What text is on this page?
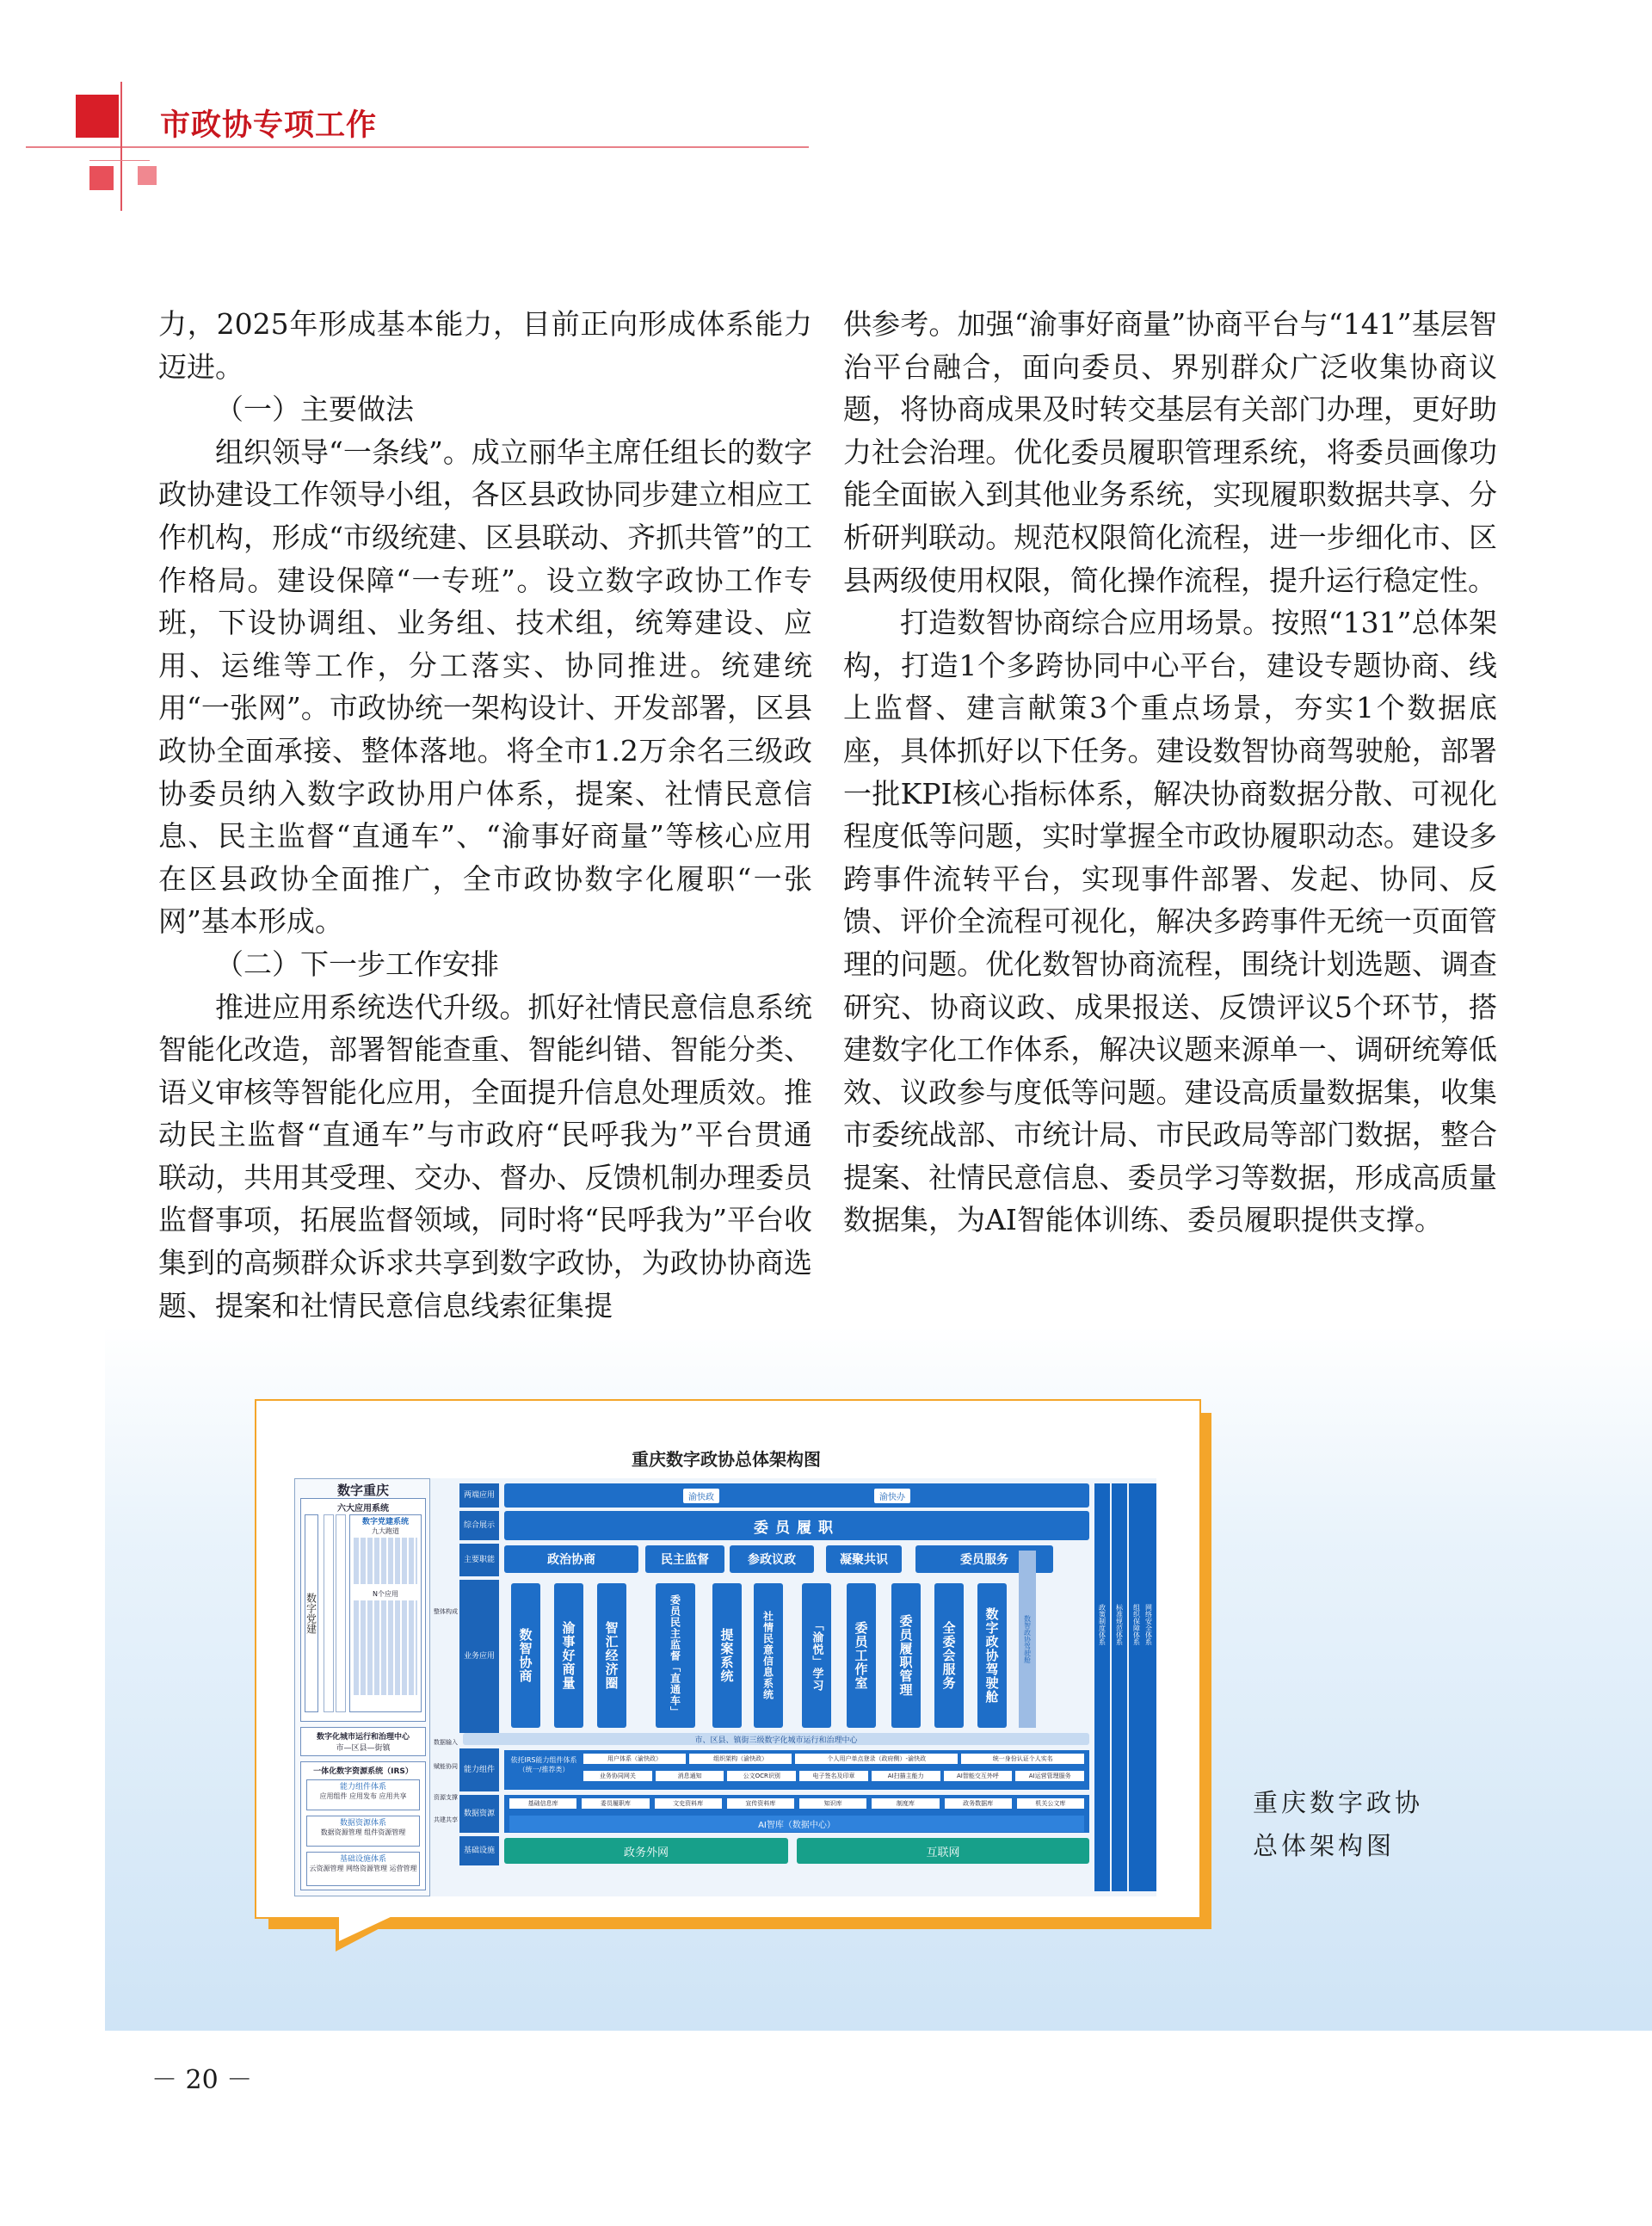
市政协专项工作

力，2025年形成基本能力，目前正向形成体系能力迈进。

（一）主要做法

组织领导“一条线”。成立丽华主席任组长的数字政协建设工作领导小组，各区县政协同步建立相应工作机构，形成“市级统建、区县联动、齐抓共管”的工作格局。建设保障“一专班”。设立数字政协工作专班，下设协调组、业务组、技术组，统筹建设、应用、运维等工作，分工落实、协同推进。统建统用“一张网”。市政协统一架构设计、开发部署，区县政协全面承接、整体落地。将全市1.2万余名三级政协委员纳入数字政协用户体系，提案、社情民意信息、民主监督“直通车”、“渝事好商量”等核心应用在区县政协全面推广，全市政协数字化履职“一张网”基本形成。

（二）下一步工作安排

推进应用系统迭代升级。抓好社情民意信息系统智能化改造，部署智能查重、智能纠错、智能分类、语义审核等智能化应用，全面提升信息处理质效。推动民主监督“直通车”与市政府“民呼我为”平台贯通联动，共用其受理、交办、督办、反馈机制办理委员监督事项，拓展监督领域，同时将“民呼我为”平台收集到的高频群众诉求共享到数字政协，为政协协商选题、提案和社情民意信息线索征集提

供参考。加强“渝事好商量”协商平台与“141”基层智治平台融合，面向委员、界别群众广泛收集协商议题，将协商成果及时转交基层有关部门办理，更好助力社会治理。优化委员履职管理系统，将委员画像功能全面嵌入到其他业务系统，实现履职数据共享、分析研判联动。规范权限简化流程，进一步细化市、区县两级使用权限，简化操作流程，提升运行稳定性。

打造数智协商综合应用场景。按照“131”总体架构，打造1个多跨协同中心平台，建设专题协商、线上监督、建言献策3个重点场景，夯实1个数据底座，具体抓好以下任务。建设数智协商驾驶舱，部署一批KPI核心指标体系，解决协商数据分散、可视化程度低等问题，实时掌握全市政协履职动态。建设多跨事件流转平台，实现事件部署、发起、协同、反馈、评价全流程可视化，解决多跨事件无统一页面管理的问题。优化数智协商流程，围绕计划选题、调查研究、协商议政、成果报送、反馈评议5个环节，搭建数字化工作体系，解决议题来源单一、调研统筹低效、议政参与度低等问题。建设高质量数据集，收集市委统战部、市统计局、市民政局等部门数据，整合提案、社情民意信息、委员学习等数据，形成高质量数据集，为AI智能体训练、委员履职提供支撑。

重庆数字政协总体架构图
数字重庆
六大应用系统
数字党建
数字党建系统
九大跑道
N个应用
数字化城市运行和治理中心
市—区县—街镇
一体化数字资源系统（IRS）
能力组件体系
应用组件 应用发布 应用共享
数据资源体系
数据资源管理 组件资源管理
基础设施体系
云资源管理 网络资源管理 运营管理
整体构成
数据输入
赋能协同
资源支撑
共建共享
两端应用
综合展示
主要职能
业务应用
能力组件
数据资源
基础设施
渝快政	渝快办
委员履职
政治协商	民主监督	参政议政	凝聚共识	委员服务
数智协商	渝事好商量	智汇经济圈	委员民主监督「直通车」	提案系统	社情民意信息系统	「渝悦」学习	委员工作室	委员履职管理	全委会服务	数字政协驾驶舱	数智政协驾驶舱
市、区县、镇街三级数字化城市运行和治理中心
依托IRS能力组件体系（统一/推荐类）
用户体系（渝快政）	组织架构（渝快政）	个人用户单点登录（政府侧）-渝快政	统一身份认证个人实名
业务协同网关	消息通知	公文OCR识别	电子签名及印章	AI扫描主能力	AI智能交互外呼	AI运营管理服务
基础信息库	委员履职库	文史资料库	宣传资料库	知识库	制度库	政务数据库	机关公文库
AI智库（数据中心）
政务外网	互联网
政策制度体系	标准规范体系	组织保障体系 网络安全体系
重庆数字政协
总体架构图
－ 20 －
